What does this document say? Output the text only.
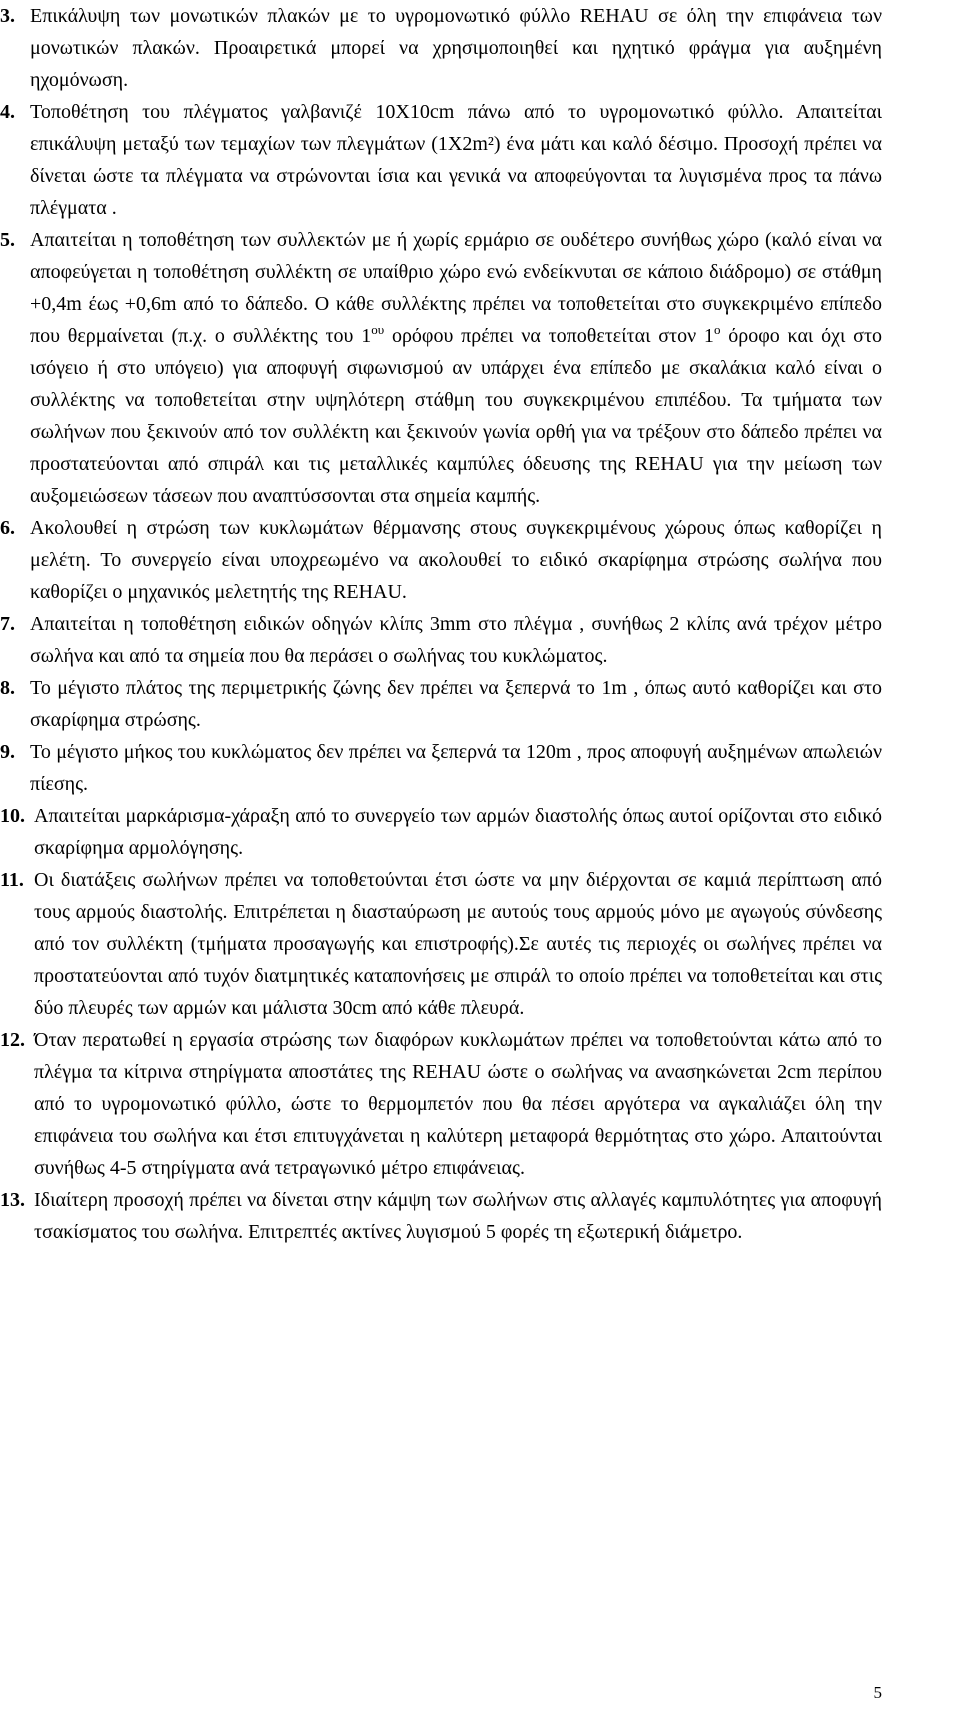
3. Επικάλυψη των μονωτικών πλακών με το υγρομονωτικό φύλλο REHAU σε όλη την επιφάνεια των μονωτικών πλακών. Προαιρετικά μπορεί να χρησιμοποιηθεί και ηχητικό φράγμα για αυξημένη ηχομόνωση.

4. Τοποθέτηση του πλέγματος γαλβανιζέ 10Χ10cm πάνω από το υγρομονωτικό φύλλο. Απαιτείται επικάλυψη μεταξύ των τεμαχίων των πλεγμάτων (1Χ2m²) ένα μάτι και καλό δέσιμο. Προσοχή πρέπει να δίνεται ώστε τα πλέγματα να στρώνονται ίσια και γενικά να αποφεύγονται τα λυγισμένα προς τα πάνω πλέγματα .

5. Απαιτείται η τοποθέτηση των συλλεκτών με ή χωρίς ερμάριο σε ουδέτερο συνήθως χώρο (καλό είναι να αποφεύγεται η τοποθέτηση συλλέκτη σε υπαίθριο χώρο ενώ ενδείκνυται σε κάποιο διάδρομο) σε στάθμη +0,4m έως +0,6m από το δάπεδο. Ο κάθε συλλέκτης πρέπει να τοποθετείται στο συγκεκριμένο επίπεδο που θερμαίνεται (π.χ. ο συλλέκτης του $1^{o\upsilon}$ ορόφου πρέπει να τοποθετείται στον $1^o$ όροφο και όχι στο ισόγειο ή στο υπόγειο) για αποφυγή σιφωνισμού αν υπάρχει ένα επίπεδο με σκαλάκια καλό είναι ο συλλέκτης να τοποθετείται στην υψηλότερη στάθμη του συγκεκριμένου επιπέδου. Τα τμήματα των σωλήνων που ξεκινούν από τον συλλέκτη και ξεκινούν γωνία ορθή για να τρέξουν στο δάπεδο πρέπει να προστατεύονται από σπιράλ και τις μεταλλικές καμπύλες όδευσης της REHAU για την μείωση των αυξομειώσεων τάσεων που αναπτύσσονται στα σημεία καμπής.

6. Ακολουθεί η στρώση των κυκλωμάτων θέρμανσης στους συγκεκριμένους χώρους όπως καθορίζει η μελέτη. Το συνεργείο είναι υποχρεωμένο να ακολουθεί το ειδικό σκαρίφημα στρώσης σωλήνα που καθορίζει ο μηχανικός μελετητής της REHAU.

7. Απαιτείται η τοποθέτηση ειδικών οδηγών κλίπς 3mm στο πλέγμα , συνήθως 2 κλίπς ανά τρέχον μέτρο σωλήνα και από τα σημεία που θα περάσει ο σωλήνας του κυκλώματος.

8. Το μέγιστο πλάτος της περιμετρικής ζώνης δεν πρέπει να ξεπερνά το 1m , όπως αυτό καθορίζει και στο σκαρίφημα στρώσης.

9. Το μέγιστο μήκος του κυκλώματος δεν πρέπει να ξεπερνά τα 120m , προς αποφυγή αυξημένων απωλειών πίεσης.

10. Απαιτείται μαρκάρισμα-χάραξη από το συνεργείο των αρμών διαστολής όπως αυτοί ορίζονται στο ειδικό σκαρίφημα αρμολόγησης.

11. Οι διατάξεις σωλήνων πρέπει να τοποθετούνται έτσι ώστε να μην διέρχονται σε καμιά περίπτωση από τους αρμούς διαστολής. Επιτρέπεται η διασταύρωση με αυτούς τους αρμούς μόνο με αγωγούς σύνδεσης από τον συλλέκτη (τμήματα προσαγωγής και επιστροφής).Σε αυτές τις περιοχές οι σωλήνες πρέπει να προστατεύονται από τυχόν διατμητικές καταπονήσεις με σπιράλ το οποίο πρέπει να τοποθετείται και στις δύο πλευρές των αρμών και μάλιστα 30cm από κάθε πλευρά.

12. Όταν περατωθεί η εργασία στρώσης των διαφόρων κυκλωμάτων πρέπει να τοποθετούνται κάτω από το πλέγμα τα κίτρινα στηρίγματα αποστάτες της REHAU ώστε ο σωλήνας να ανασηκώνεται 2cm περίπου από το υγρομονωτικό φύλλο, ώστε το θερμομπετόν που θα πέσει αργότερα να αγκαλιάζει όλη την επιφάνεια του σωλήνα και έτσι επιτυγχάνεται η καλύτερη μεταφορά θερμότητας στο χώρο. Απαιτούνται συνήθως 4-5 στηρίγματα ανά τετραγωνικό μέτρο επιφάνειας.

13. Ιδιαίτερη προσοχή πρέπει να δίνεται στην κάμψη των σωλήνων στις αλλαγές καμπυλότητες για αποφυγή τσακίσματος του σωλήνα. Επιτρεπτές ακτίνες λυγισμού 5 φορές τη εξωτερική διάμετρο.

5
